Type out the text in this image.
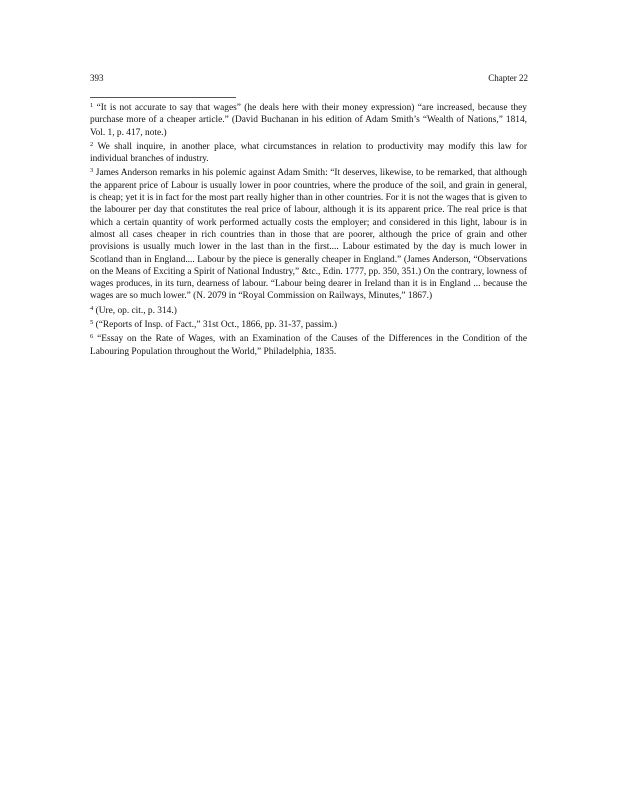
393	Chapter 22

$^1$ “It is not accurate to say that wages” (he deals here with their money expression) “are increased, because they purchase more of a cheaper article.” (David Buchanan in his edition of Adam Smith’s “Wealth of Nations,” 1814, Vol. 1, p. 417, note.)

$^2$ We shall inquire, in another place, what circumstances in relation to productivity may modify this law for individual branches of industry.

$^3$ James Anderson remarks in his polemic against Adam Smith: “It deserves, likewise, to be remarked, that although the apparent price of Labour is usually lower in poor countries, where the produce of the soil, and grain in general, is cheap; yet it is in fact for the most part really higher than in other countries. For it is not the wages that is given to the labourer per day that constitutes the real price of labour, although it is its apparent price. The real price is that which a certain quantity of work performed actually costs the employer; and considered in this light, labour is in almost all cases cheaper in rich countries than in those that are poorer, although the price of grain and other provisions is usually much lower in the last than in the first.... Labour estimated by the day is much lower in Scotland than in England.... Labour by the piece is generally cheaper in England.” (James Anderson, “Observations on the Means of Exciting a Spirit of National Industry,” &tc., Edin. 1777, pp. 350, 351.) On the contrary, lowness of wages produces, in its turn, dearness of labour. “Labour being dearer in Ireland than it is in England ... because the wages are so much lower.” (N. 2079 in “Royal Commission on Railways, Minutes,” 1867.)

$^4$ (Ure, op. cit., p. 314.)

$^5$ (“Reports of Insp. of Fact.,” 31st Oct., 1866, pp. 31-37, passim.)

$^6$ “Essay on the Rate of Wages, with an Examination of the Causes of the Differences in the Condition of the Labouring Population throughout the World,” Philadelphia, 1835.
